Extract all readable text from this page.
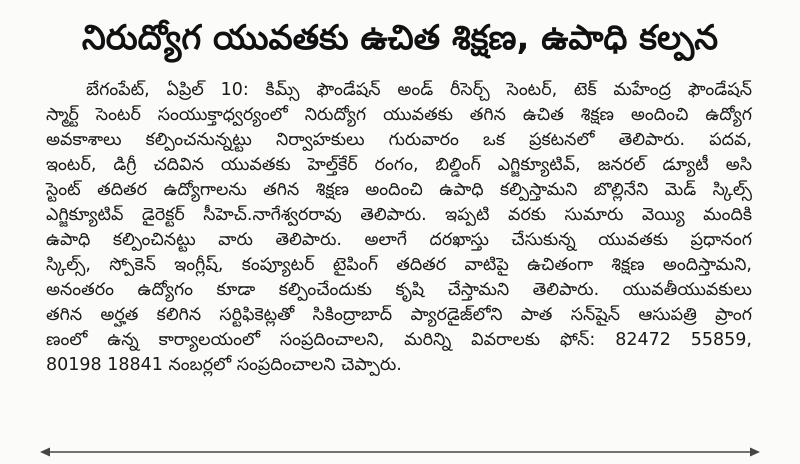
నిరుద్యోగ యువతకు ఉచిత శిక్షణ, ఉపాధి కల్పన
బేగంపేట్, ఏప్రిల్ 10: కిమ్స్ ఫౌండేషన్ అండ్ రీసెర్చ్ సెంటర్, టెక్ మహేంద్ర ఫౌండేషన్
స్మార్ట్ సెంటర్ సంయుక్తాధ్వర్యంలో నిరుద్యోగ యువతకు తగిన ఉచిత శిక్షణ అందించి ఉద్యోగ
అవకాశాలు కల్పించనున్నట్టు నిర్వాహకులు గురువారం ఒక ప్రకటనలో తెలిపారు. పదవ,
ఇంటర్, డిగ్రీ చదివిన యువతకు హెల్త్‌కేర్ రంగం, బిల్డింగ్ ఎగ్జిక్యూటివ్, జనరల్ డ్యూటీ అసి
స్టెంట్ తదితర ఉద్యోగాలను తగిన శిక్షణ అందించి ఉపాధి కల్పిస్తామని బొల్లినేని మెడ్ స్కిల్స్
ఎగ్జిక్యూటివ్ డైరెక్టర్ సీహెచ్.నాగేశ్వరరావు తెలిపారు. ఇప్పటి వరకు సుమారు వెయ్యి మందికి
ఉపాధి కల్పించినట్టు వారు తెలిపారు. అలాగే దరఖాస్తు చేసుకున్న యువతకు ప్రధానంగ
స్కిల్స్, స్పోకెన్ ఇంగ్లీష్, కంప్యూటర్ టైపింగ్ తదితర వాటిపై ఉచితంగా శిక్షణ అందిస్తామని,
అనంతరం ఉద్యోగం కూడా కల్పించేందుకు కృషి చేస్తామని తెలిపారు. యువతీయువకులు
తగిన అర్హత కలిగిన సర్టిఫికెట్లతో సికింద్రాబాద్ ప్యారడైజ్‌లోని పాత సన్‌షైన్ ఆసుపత్రి ప్రాంగ
ణంలో ఉన్న కార్యాలయంలో సంప్రదించాలని, మరిన్ని వివరాలకు ఫోన్: 82472 55859,
80198 18841 నంబర్లలో సంప్రదించాలని చెప్పారు.
